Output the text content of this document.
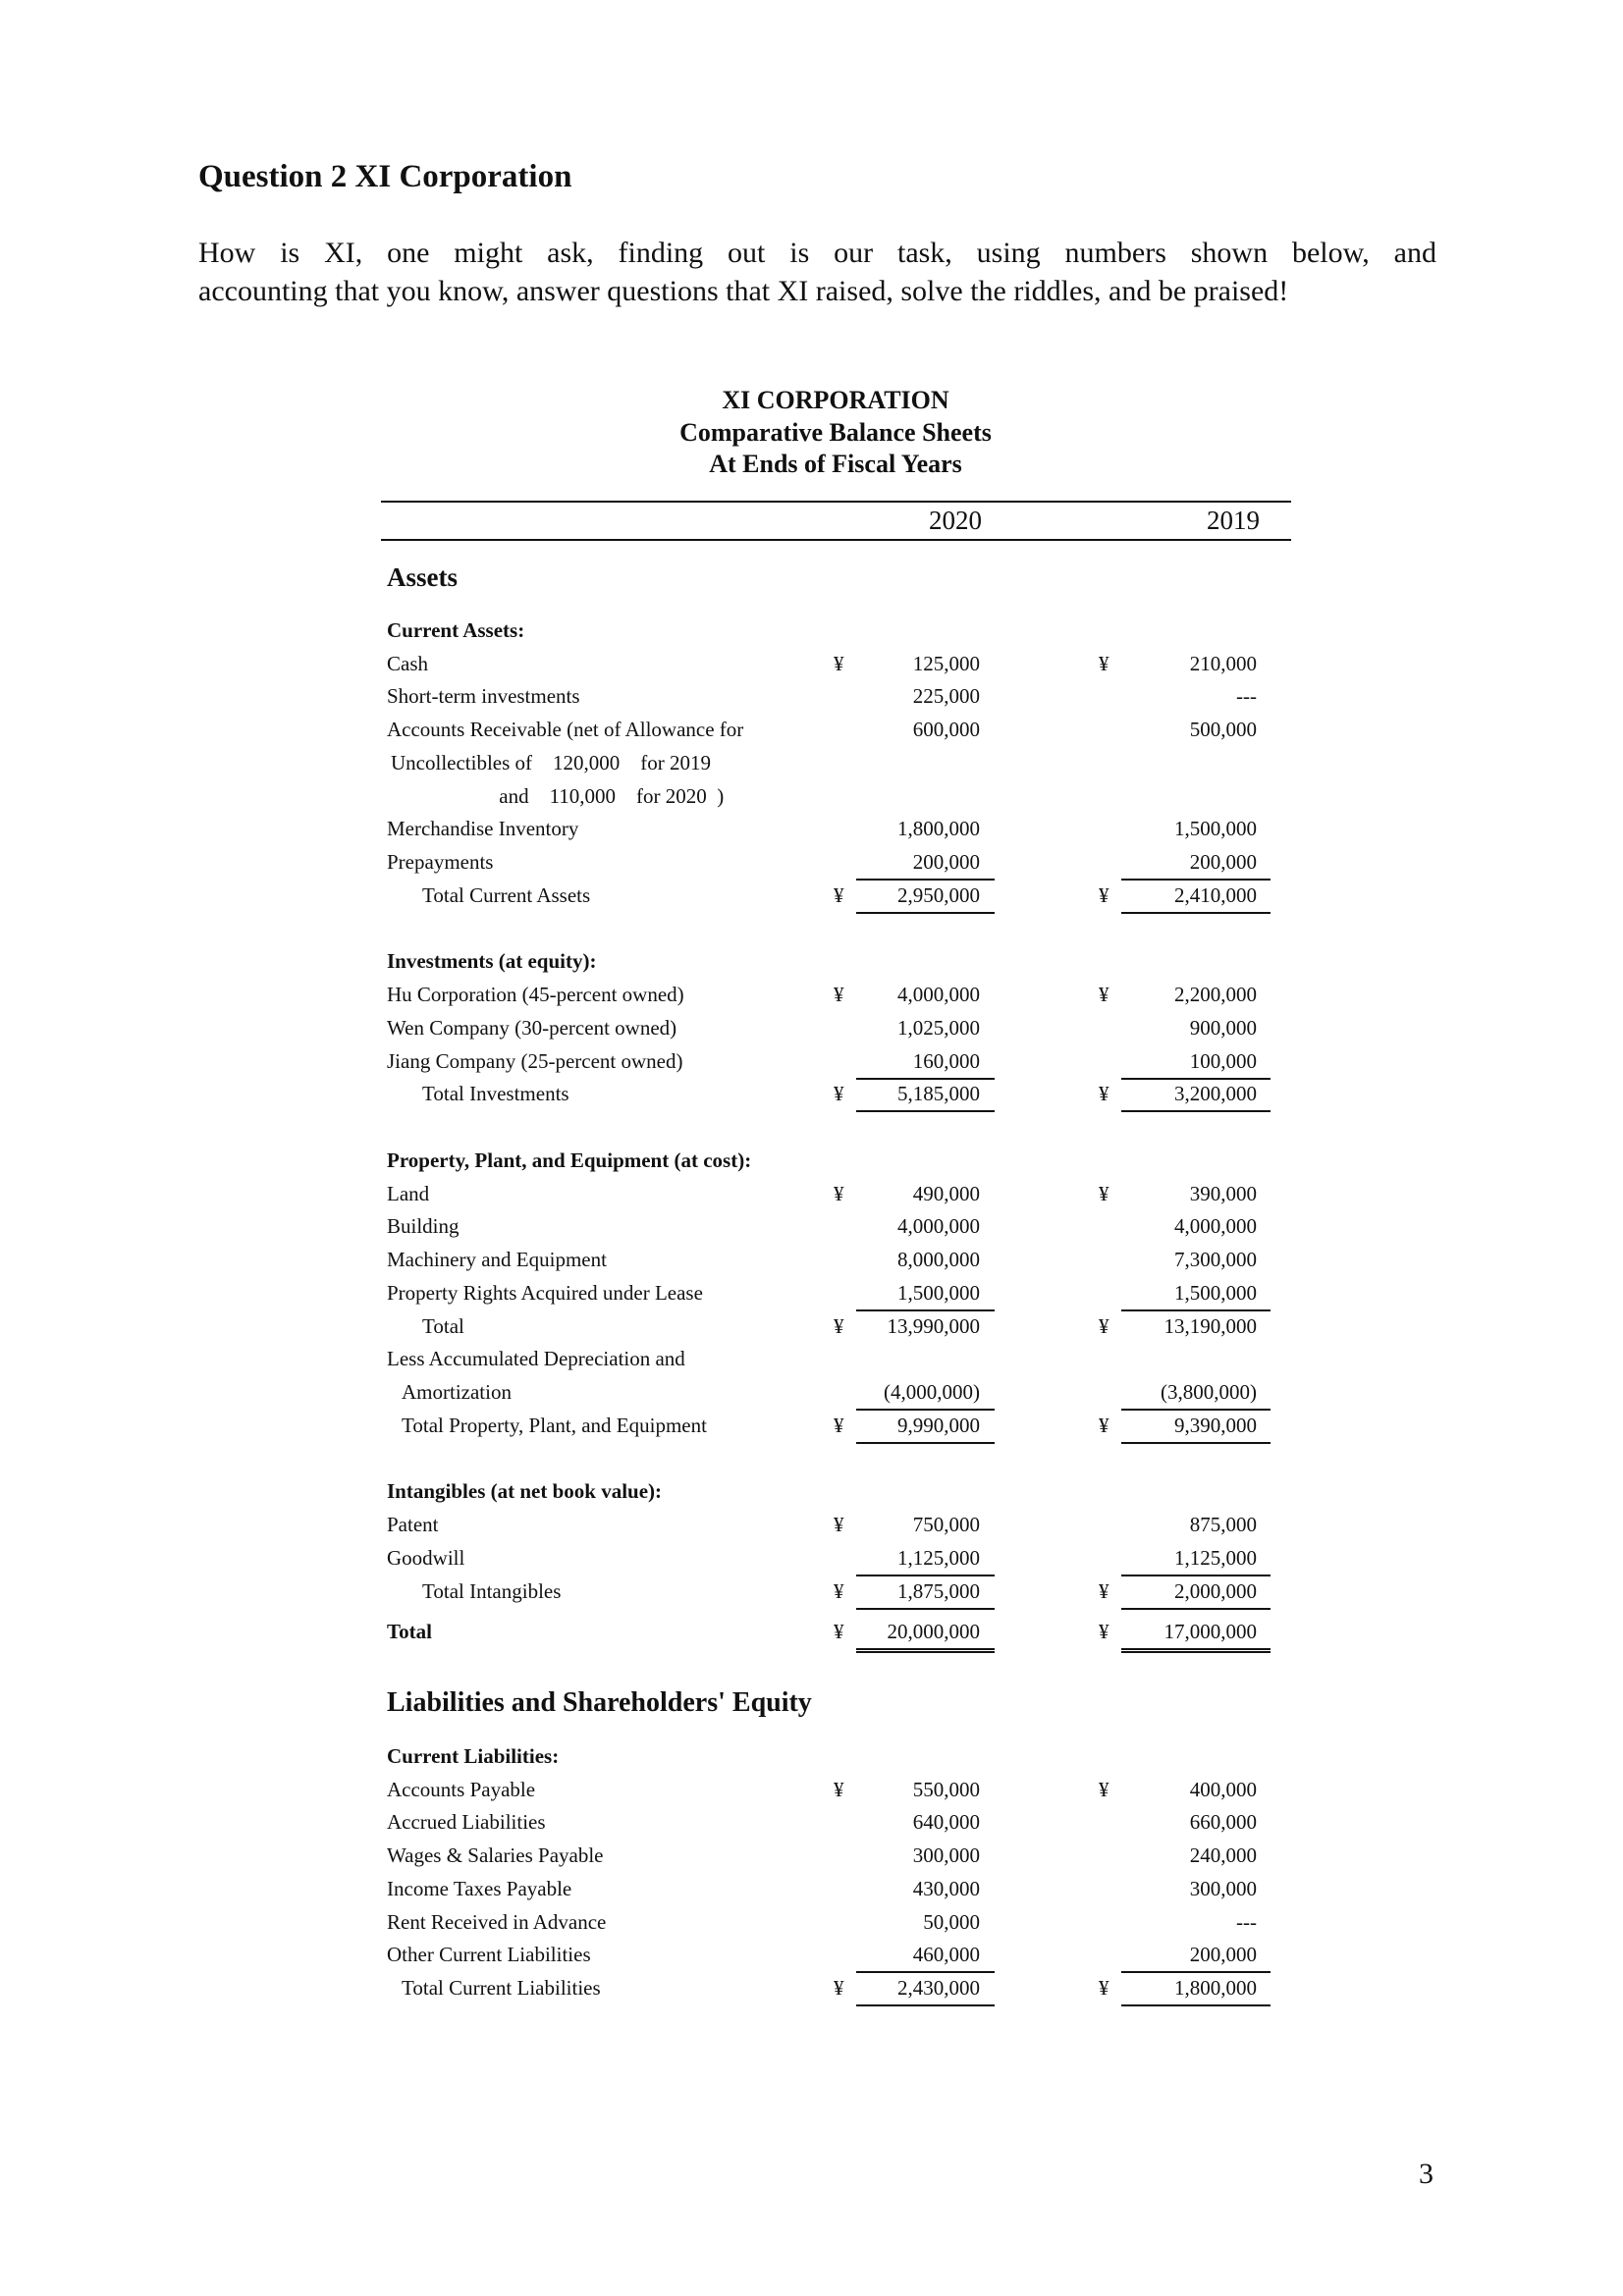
Question 2 XI Corporation
How is XI, one might ask, finding out is our task, using numbers shown below, and
accounting that you know, answer questions that XI raised, solve the riddles, and be praised!
XI CORPORATION
Comparative Balance Sheets
At Ends of Fiscal Years
2020	2019
Assets
Current Assets:
Cash	¥	125,000	¥	210,000
Short-term investments	225,000	---
Accounts Receivable (net of Allowance for	600,000	500,000
Uncollectibles of    120,000    for 2019
and    110,000    for 2020  )
Merchandise Inventory	1,800,000	1,500,000
Prepayments	200,000	200,000
Total Current Assets	¥	2,950,000	¥	2,410,000
Investments (at equity):
Hu Corporation (45-percent owned)	¥	4,000,000	¥	2,200,000
Wen Company (30-percent owned)	1,025,000	900,000
Jiang Company (25-percent owned)	160,000	100,000
Total Investments	¥	5,185,000	¥	3,200,000
Property, Plant, and Equipment (at cost):
Land	¥	490,000	¥	390,000
Building	4,000,000	4,000,000
Machinery and Equipment	8,000,000	7,300,000
Property Rights Acquired under Lease	1,500,000	1,500,000
Total	¥	13,990,000	¥	13,190,000
Less Accumulated Depreciation and
Amortization	(4,000,000)	(3,800,000)
Total Property, Plant, and Equipment	¥	9,990,000	¥	9,390,000
Intangibles (at net book value):
Patent	¥	750,000	875,000
Goodwill	1,125,000	1,125,000
Total Intangibles	¥	1,875,000	¥	2,000,000
Total	¥	20,000,000	¥	17,000,000
Liabilities and Shareholders' Equity
Current Liabilities:
Accounts Payable	¥	550,000	¥	400,000
Accrued Liabilities	640,000	660,000
Wages & Salaries Payable	300,000	240,000
Income Taxes Payable	430,000	300,000
Rent Received in Advance	50,000	---
Other Current Liabilities	460,000	200,000
Total Current Liabilities	¥	2,430,000	¥	1,800,000
3
